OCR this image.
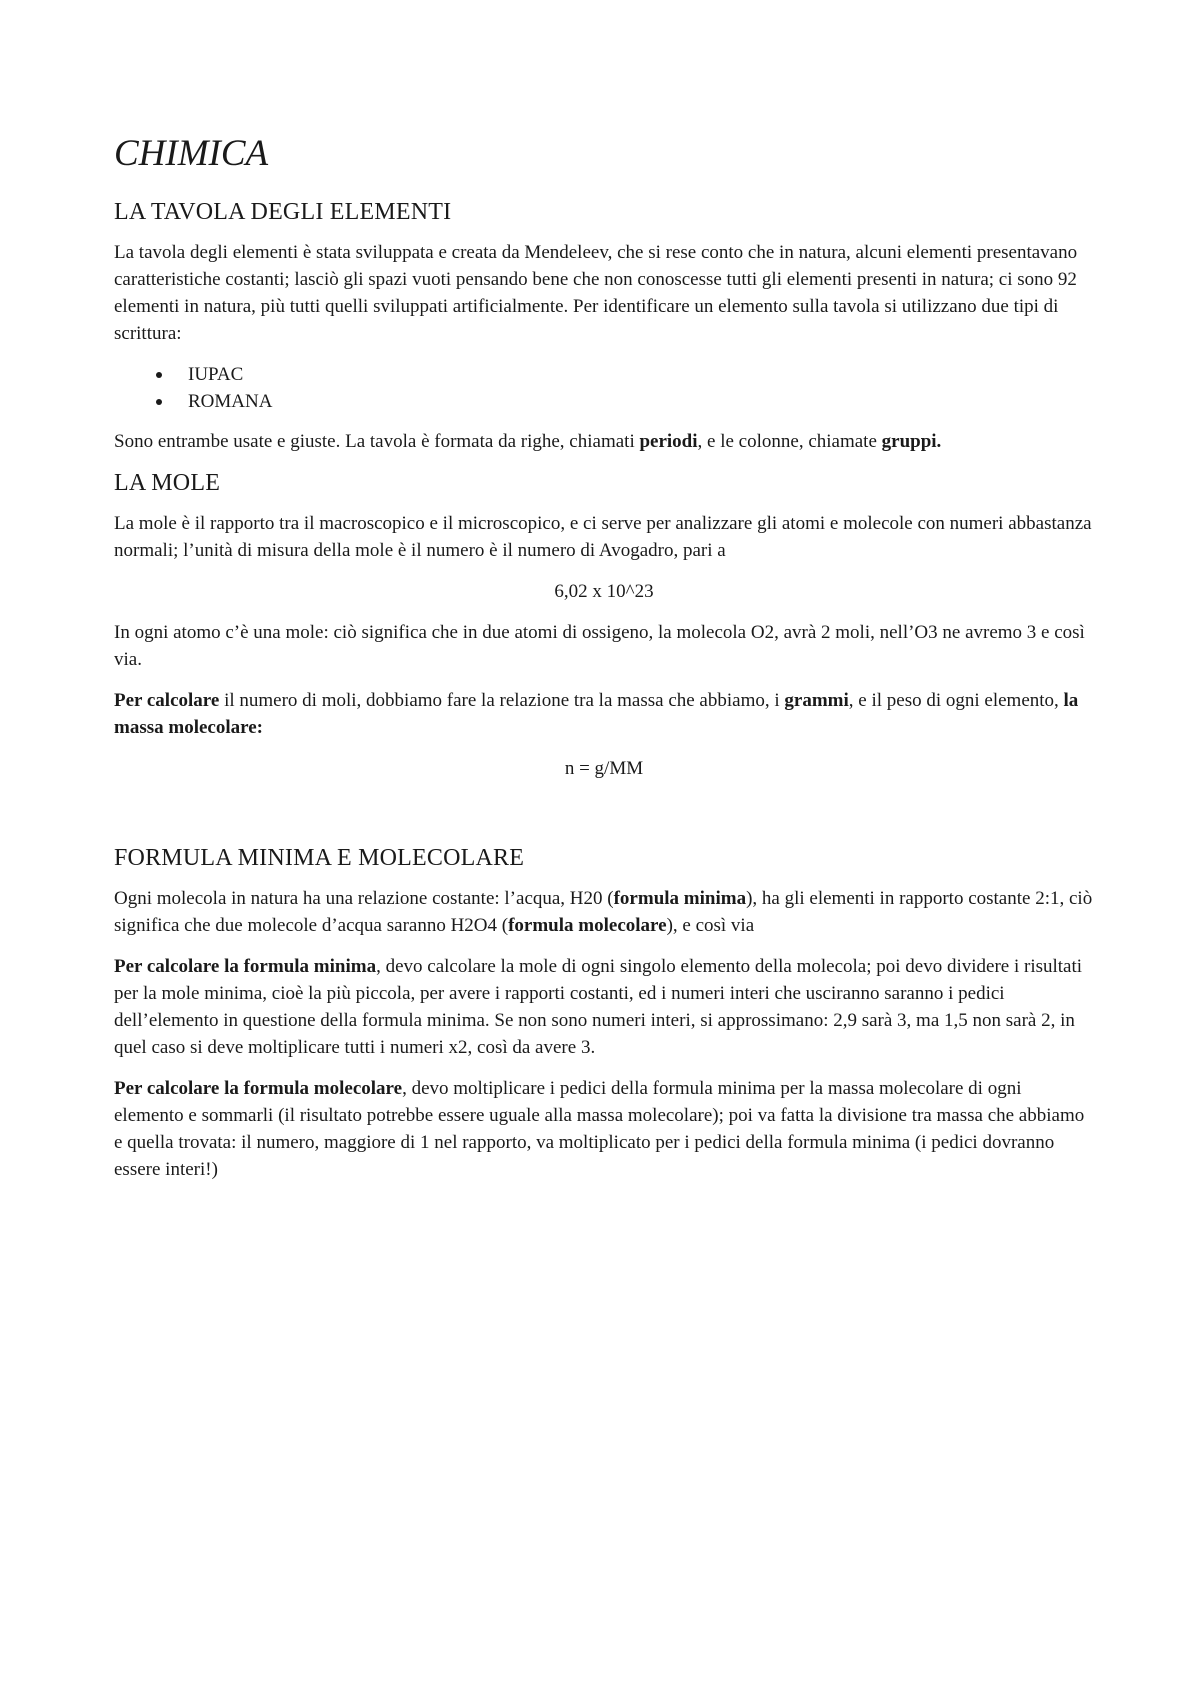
CHIMICA
LA TAVOLA DEGLI ELEMENTI

La tavola degli elementi è stata sviluppata e creata da Mendeleev, che si rese conto che in natura, alcuni elementi presentavano caratteristiche costanti; lasciò gli spazi vuoti pensando bene che non conoscesse tutti gli elementi presenti in natura; ci sono 92 elementi in natura, più tutti quelli sviluppati artificialmente. Per identificare un elemento sulla tavola si utilizzano due tipi di scrittura:

IUPAC
ROMANA

Sono entrambe usate e giuste. La tavola è formata da righe, chiamati periodi, e le colonne, chiamate gruppi.

LA MOLE

La mole è il rapporto tra il macroscopico e il microscopico, e ci serve per analizzare gli atomi e molecole con numeri abbastanza normali; l’unità di misura della mole è il numero è il numero di Avogadro, pari a

6,02 x 10^23

In ogni atomo c’è una mole: ciò significa che in due atomi di ossigeno, la molecola O2, avrà 2 moli, nell’O3 ne avremo 3 e così via.

Per calcolare il numero di moli, dobbiamo fare la relazione tra la massa che abbiamo, i grammi, e il peso di ogni elemento, la massa molecolare:

n = g/MM

FORMULA MINIMA E MOLECOLARE

Ogni molecola in natura ha una relazione costante: l’acqua, H20 (formula minima), ha gli elementi in rapporto costante 2:1, ciò significa che due molecole d’acqua saranno H2O4 (formula molecolare), e così via

Per calcolare la formula minima, devo calcolare la mole di ogni singolo elemento della molecola; poi devo dividere i risultati per la mole minima, cioè la più piccola, per avere i rapporti costanti, ed i numeri interi che usciranno saranno i pedici dell’elemento in questione della formula minima. Se non sono numeri interi, si approssimano: 2,9 sarà 3, ma 1,5 non sarà 2, in quel caso si deve moltiplicare tutti i numeri x2, così da avere 3.

Per calcolare la formula molecolare, devo moltiplicare i pedici della formula minima per la massa molecolare di ogni elemento e sommarli (il risultato potrebbe essere uguale alla massa molecolare); poi va fatta la divisione tra massa che abbiamo e quella trovata: il numero, maggiore di 1 nel rapporto, va moltiplicato per i pedici della formula minima (i pedici dovranno essere interi!)
